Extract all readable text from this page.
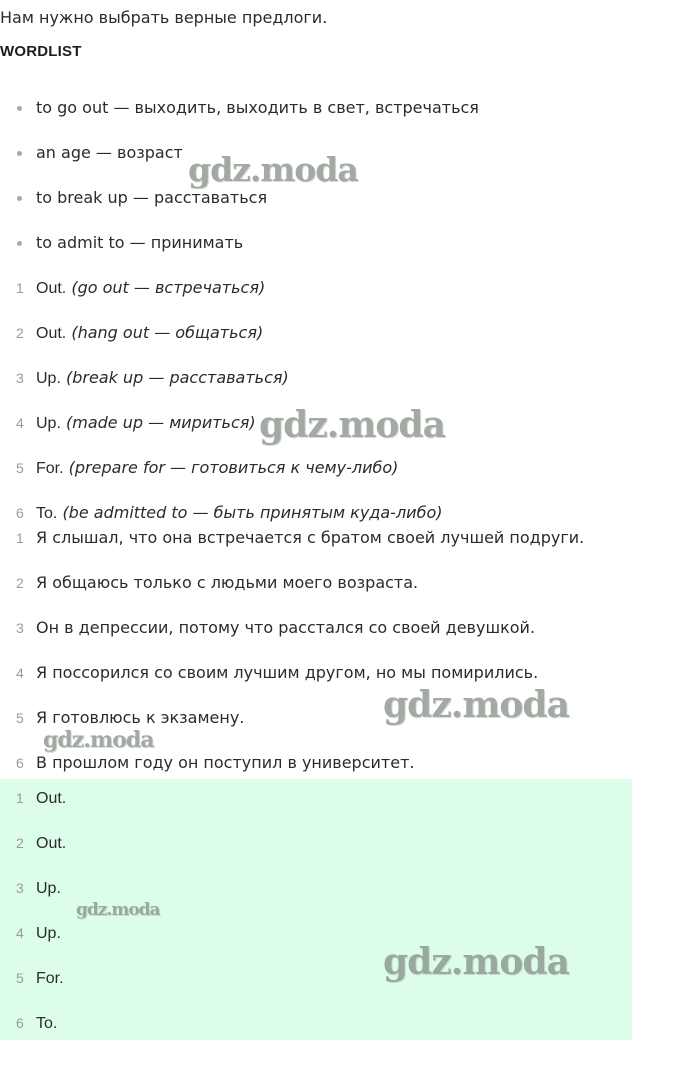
Нам нужно выбрать верные предлоги.
WORDLIST
to go out — выходить, выходить в свет, встречаться
an age — возраст
to break up — расставаться
to admit to — принимать
1 Out. (go out — встречаться)
2 Out. (hang out — общаться)
3 Up. (break up — расставаться)
4 Up. (made up — мириться)
5 For. (prepare for — готовиться к чему-либо)
6 To. (be admitted to — быть принятым куда-либо)
1 Я слышал, что она встречается с братом своей лучшей подруги.
2 Я общаюсь только с людьми моего возраста.
3 Он в депрессии, потому что расстался со своей девушкой.
4 Я поссорился со своим лучшим другом, но мы помирились.
5 Я готовлюсь к экзамену.
6 В прошлом году он поступил в университет.
1 Out.
2 Out.
3 Up.
4 Up.
5 For.
6 To.
gdz.moda
gdz.moda
gdz.moda
gdz.moda
gdz.moda
gdz.moda
